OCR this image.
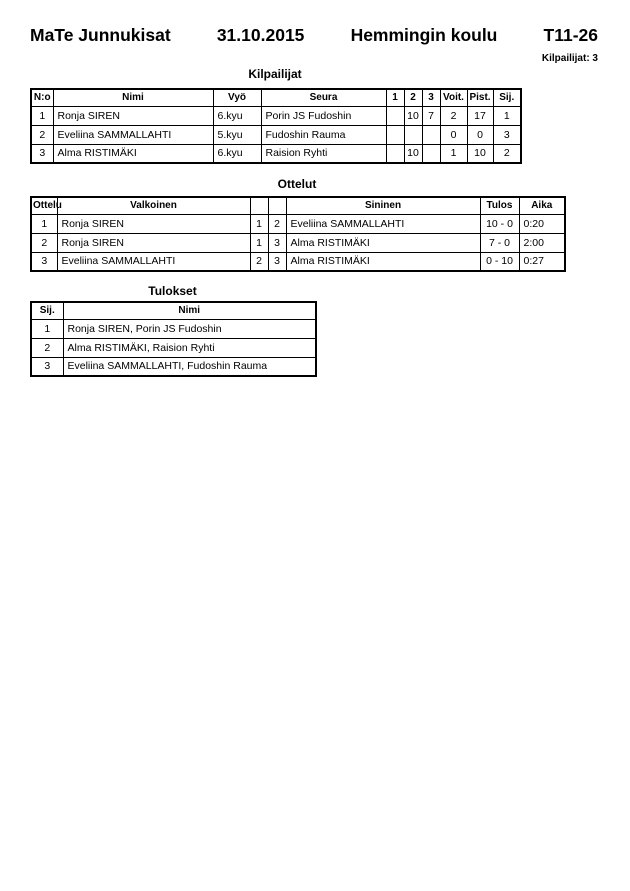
MaTe Junnukisat	31.10.2015	Hemmingin koulu	T11-26
Kilpailijat: 3
Kilpailijat
N:o	Nimi	Vyö	Seura	1	2	3	Voit.	Pist.	Sij.
1	Ronja SIREN	6.kyu	Porin JS Fudoshin		10	7	2	17	1
2	Eveliina SAMMALLAHTI	5.kyu	Fudoshin Rauma				0	0	3
3	Alma RISTIMÄKI	6.kyu	Raision Ryhti		10		1	10	2
Ottelut
Ottelu	Valkoinen			Sininen	Tulos	Aika
1	Ronja SIREN	1	2	Eveliina SAMMALLAHTI	10 - 0	0:20
2	Ronja SIREN	1	3	Alma RISTIMÄKI	7 - 0	2:00
3	Eveliina SAMMALLAHTI	2	3	Alma RISTIMÄKI	0 - 10	0:27
Tulokset
Sij.	Nimi
1	Ronja SIREN, Porin JS Fudoshin
2	Alma RISTIMÄKI, Raision Ryhti
3	Eveliina SAMMALLAHTI, Fudoshin Rauma
